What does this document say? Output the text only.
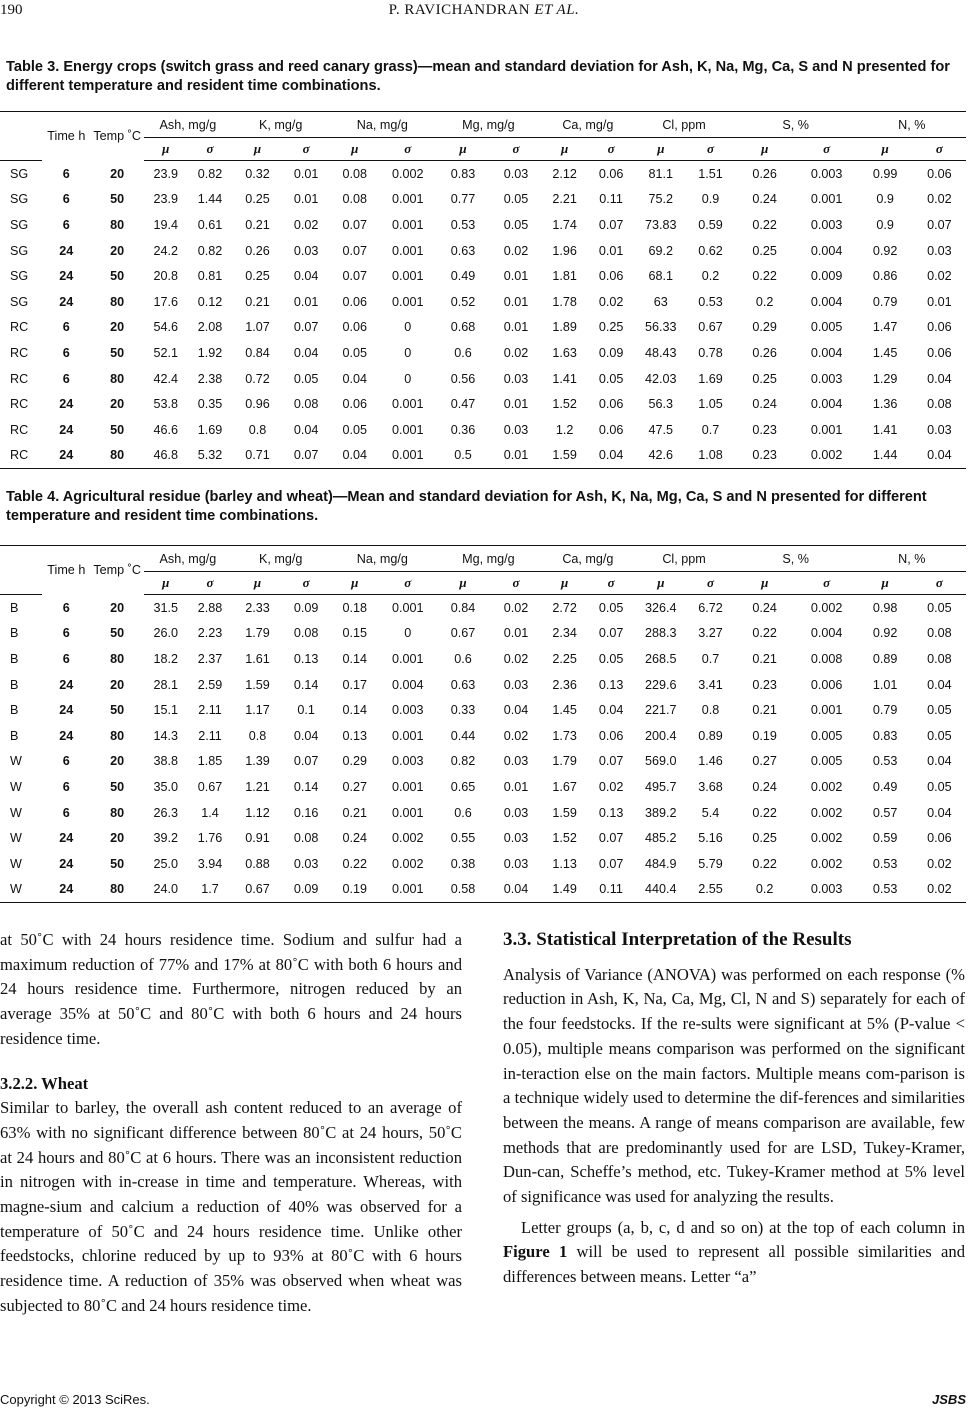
190	P. RAVICHANDRAN ET AL.
Table 3. Energy crops (switch grass and reed canary grass)—mean and standard deviation for Ash, K, Na, Mg, Ca, S and N presented for different temperature and resident time combinations.
	Time h	Temp ˚C	Ash, mg/g		K, mg/g		Na, mg/g		Mg, mg/g		Ca, mg/g		Cl, ppm		S, %		N, %	
			μ	σ	μ	σ	μ	σ	μ	σ	μ	σ	μ	σ	μ	σ	μ	σ
SG	6	20	23.9	0.82	0.32	0.01	0.08	0.002	0.83	0.03	2.12	0.06	81.1	1.51	0.26	0.003	0.99	0.06
SG	6	50	23.9	1.44	0.25	0.01	0.08	0.001	0.77	0.05	2.21	0.11	75.2	0.9	0.24	0.001	0.9	0.02
SG	6	80	19.4	0.61	0.21	0.02	0.07	0.001	0.53	0.05	1.74	0.07	73.83	0.59	0.22	0.003	0.9	0.07
SG	24	20	24.2	0.82	0.26	0.03	0.07	0.001	0.63	0.02	1.96	0.01	69.2	0.62	0.25	0.004	0.92	0.03
SG	24	50	20.8	0.81	0.25	0.04	0.07	0.001	0.49	0.01	1.81	0.06	68.1	0.2	0.22	0.009	0.86	0.02
SG	24	80	17.6	0.12	0.21	0.01	0.06	0.001	0.52	0.01	1.78	0.02	63	0.53	0.2	0.004	0.79	0.01
RC	6	20	54.6	2.08	1.07	0.07	0.06	0	0.68	0.01	1.89	0.25	56.33	0.67	0.29	0.005	1.47	0.06
RC	6	50	52.1	1.92	0.84	0.04	0.05	0	0.6	0.02	1.63	0.09	48.43	0.78	0.26	0.004	1.45	0.06
RC	6	80	42.4	2.38	0.72	0.05	0.04	0	0.56	0.03	1.41	0.05	42.03	1.69	0.25	0.003	1.29	0.04
RC	24	20	53.8	0.35	0.96	0.08	0.06	0.001	0.47	0.01	1.52	0.06	56.3	1.05	0.24	0.004	1.36	0.08
RC	24	50	46.6	1.69	0.8	0.04	0.05	0.001	0.36	0.03	1.2	0.06	47.5	0.7	0.23	0.001	1.41	0.03
RC	24	80	46.8	5.32	0.71	0.07	0.04	0.001	0.5	0.01	1.59	0.04	42.6	1.08	0.23	0.002	1.44	0.04
Table 4. Agricultural residue (barley and wheat)—Mean and standard deviation for Ash, K, Na, Mg, Ca, S and N presented for different temperature and resident time combinations.
	Time h	Temp ˚C	Ash, mg/g		K, mg/g		Na, mg/g		Mg, mg/g		Ca, mg/g		Cl, ppm		S, %		N, %	
			μ	σ	μ	σ	μ	σ	μ	σ	μ	σ	μ	σ	μ	σ	μ	σ
B	6	20	31.5	2.88	2.33	0.09	0.18	0.001	0.84	0.02	2.72	0.05	326.4	6.72	0.24	0.002	0.98	0.05
B	6	50	26.0	2.23	1.79	0.08	0.15	0	0.67	0.01	2.34	0.07	288.3	3.27	0.22	0.004	0.92	0.08
B	6	80	18.2	2.37	1.61	0.13	0.14	0.001	0.6	0.02	2.25	0.05	268.5	0.7	0.21	0.008	0.89	0.08
B	24	20	28.1	2.59	1.59	0.14	0.17	0.004	0.63	0.03	2.36	0.13	229.6	3.41	0.23	0.006	1.01	0.04
B	24	50	15.1	2.11	1.17	0.1	0.14	0.003	0.33	0.04	1.45	0.04	221.7	0.8	0.21	0.001	0.79	0.05
B	24	80	14.3	2.11	0.8	0.04	0.13	0.001	0.44	0.02	1.73	0.06	200.4	0.89	0.19	0.005	0.83	0.05
W	6	20	38.8	1.85	1.39	0.07	0.29	0.003	0.82	0.03	1.79	0.07	569.0	1.46	0.27	0.005	0.53	0.04
W	6	50	35.0	0.67	1.21	0.14	0.27	0.001	0.65	0.01	1.67	0.02	495.7	3.68	0.24	0.002	0.49	0.05
W	6	80	26.3	1.4	1.12	0.16	0.21	0.001	0.6	0.03	1.59	0.13	389.2	5.4	0.22	0.002	0.57	0.04
W	24	20	39.2	1.76	0.91	0.08	0.24	0.002	0.55	0.03	1.52	0.07	485.2	5.16	0.25	0.002	0.59	0.06
W	24	50	25.0	3.94	0.88	0.03	0.22	0.002	0.38	0.03	1.13	0.07	484.9	5.79	0.22	0.002	0.53	0.02
W	24	80	24.0	1.7	0.67	0.09	0.19	0.001	0.58	0.04	1.49	0.11	440.4	2.55	0.2	0.003	0.53	0.02

at 50˚C with 24 hours residence time. Sodium and sulfur had a maximum reduction of 77% and 17% at 80˚C with both 6 hours and 24 hours residence time. Furthermore, nitrogen reduced by an average 35% at 50˚C and 80˚C with both 6 hours and 24 hours residence time.

3.2.2. Wheat

Similar to barley, the overall ash content reduced to an average of 63% with no significant difference between 80˚C at 24 hours, 50˚C at 24 hours and 80˚C at 6 hours. There was an inconsistent reduction in nitrogen with in-crease in time and temperature. Whereas, with magne-sium and calcium a reduction of 40% was observed for a temperature of 50˚C and 24 hours residence time. Unlike other feedstocks, chlorine reduced by up to 93% at 80˚C with 6 hours residence time. A reduction of 35% was observed when wheat was subjected to 80˚C and 24 hours residence time.

3.3. Statistical Interpretation of the Results

Analysis of Variance (ANOVA) was performed on each response (% reduction in Ash, K, Na, Ca, Mg, Cl, N and S) separately for each of the four feedstocks. If the re-sults were significant at 5% (P-value < 0.05), multiple means comparison was performed on the significant in-teraction else on the main factors. Multiple means com-parison is a technique widely used to determine the dif-ferences and similarities between the means. A range of means comparison are available, few methods that are predominantly used for are LSD, Tukey-Kramer, Dun-can, Scheffe’s method, etc. Tukey-Kramer method at 5% level of significance was used for analyzing the results.

Letter groups (a, b, c, d and so on) at the top of each column in Figure 1 will be used to represent all possible similarities and differences between means. Letter “a”

Copyright © 2013 SciRes.	JSBS
